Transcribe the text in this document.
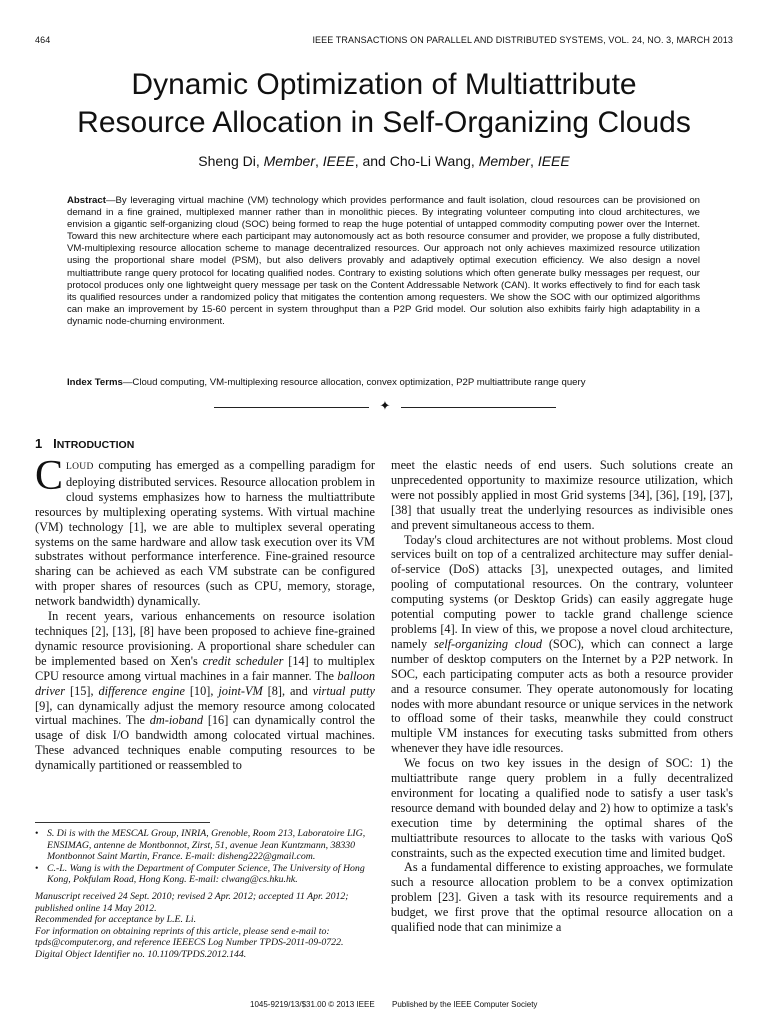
464	IEEE TRANSACTIONS ON PARALLEL AND DISTRIBUTED SYSTEMS, VOL. 24, NO. 3, MARCH 2013
Dynamic Optimization of Multiattribute
Resource Allocation in Self-Organizing Clouds
Sheng Di, Member, IEEE, and Cho-Li Wang, Member, IEEE
Abstract—By leveraging virtual machine (VM) technology which provides performance and fault isolation, cloud resources can be provisioned on demand in a fine grained, multiplexed manner rather than in monolithic pieces. By integrating volunteer computing into cloud architectures, we envision a gigantic self-organizing cloud (SOC) being formed to reap the huge potential of untapped commodity computing power over the Internet. Toward this new architecture where each participant may autonomously act as both resource consumer and provider, we propose a fully distributed, VM-multiplexing resource allocation scheme to manage decentralized resources. Our approach not only achieves maximized resource utilization using the proportional share model (PSM), but also delivers provably and adaptively optimal execution efficiency. We also design a novel multiattribute range query protocol for locating qualified nodes. Contrary to existing solutions which often generate bulky messages per request, our protocol produces only one lightweight query message per task on the Content Addressable Network (CAN). It works effectively to find for each task its qualified resources under a randomized policy that mitigates the contention among requesters. We show the SOC with our optimized algorithms can make an improvement by 15-60 percent in system throughput than a P2P Grid model. Our solution also exhibits fairly high adaptability in a dynamic node-churning environment.
Index Terms—Cloud computing, VM-multiplexing resource allocation, convex optimization, P2P multiattribute range query
✦
1 INTRODUCTION

CLOUD computing has emerged as a compelling paradigm for deploying distributed services. Resource allocation problem in cloud systems emphasizes how to harness the multiattribute resources by multiplexing operating systems. With virtual machine (VM) technology [1], we are able to multiplex several operating systems on the same hardware and allow task execution over its VM substrates without performance interference. Fine-grained resource sharing can be achieved as each VM substrate can be configured with proper shares of resources (such as CPU, memory, storage, network bandwidth) dynamically.

In recent years, various enhancements on resource isolation techniques [2], [13], [8] have been proposed to achieve fine-grained dynamic resource provisioning. A proportional share scheduler can be implemented based on Xen's credit scheduler [14] to multiplex CPU resource among virtual machines in a fair manner. The balloon driver [15], difference engine [10], joint-VM [8], and virtual putty [9], can dynamically adjust the memory resource among colocated virtual machines. The dm-ioband [16] can dynamically control the usage of disk I/O bandwidth among colocated virtual machines. These advanced techniques enable computing resources to be dynamically partitioned or reassembled to

meet the elastic needs of end users. Such solutions create an unprecedented opportunity to maximize resource utilization, which were not possibly applied in most Grid systems [34], [36], [19], [37], [38] that usually treat the underlying resources as indivisible ones and prevent simultaneous access to them.

Today's cloud architectures are not without problems. Most cloud services built on top of a centralized architecture may suffer denial-of-service (DoS) attacks [3], unexpected outages, and limited pooling of computational resources. On the contrary, volunteer computing systems (or Desktop Grids) can easily aggregate huge potential computing power to tackle grand challenge science problems [4]. In view of this, we propose a novel cloud architecture, namely self-organizing cloud (SOC), which can connect a large number of desktop computers on the Internet by a P2P network. In SOC, each participating computer acts as both a resource provider and a resource consumer. They operate autonomously for locating nodes with more abundant resource or unique services in the network to offload some of their tasks, meanwhile they could construct multiple VM instances for executing tasks submitted from others whenever they have idle resources.

We focus on two key issues in the design of SOC: 1) the multiattribute range query problem in a fully decentralized environment for locating a qualified node to satisfy a user task's resource demand with bounded delay and 2) how to optimize a task's execution time by determining the optimal shares of the multiattribute resources to allocate to the tasks with various QoS constraints, such as the expected execution time and limited budget.

As a fundamental difference to existing approaches, we formulate such a resource allocation problem to be a convex optimization problem [23]. Given a task with its resource requirements and a budget, we first prove that the optimal resource allocation on a qualified node that can minimize a

• S. Di is with the MESCAL Group, INRIA, Grenoble, Room 213, Laboratoire LIG, ENSIMAG, antenne de Montbonnot, Zirst, 51, avenue Jean Kuntzmann, 38330 Montbonnot Saint Martin, France. E-mail: disheng222@gmail.com.
• C.-L. Wang is with the Department of Computer Science, The University of Hong Kong, Pokfulam Road, Hong Kong. E-mail: clwang@cs.hku.hk.
Manuscript received 24 Sept. 2010; revised 2 Apr. 2012; accepted 11 Apr. 2012; published online 14 May 2012.
Recommended for acceptance by L.E. Li.
For information on obtaining reprints of this article, please send e-mail to: tpds@computer.org, and reference IEEECS Log Number TPDS-2011-09-0722.
Digital Object Identifier no. 10.1109/TPDS.2012.144.
1045-9219/13/$31.00 © 2013 IEEE Published by the IEEE Computer Society
